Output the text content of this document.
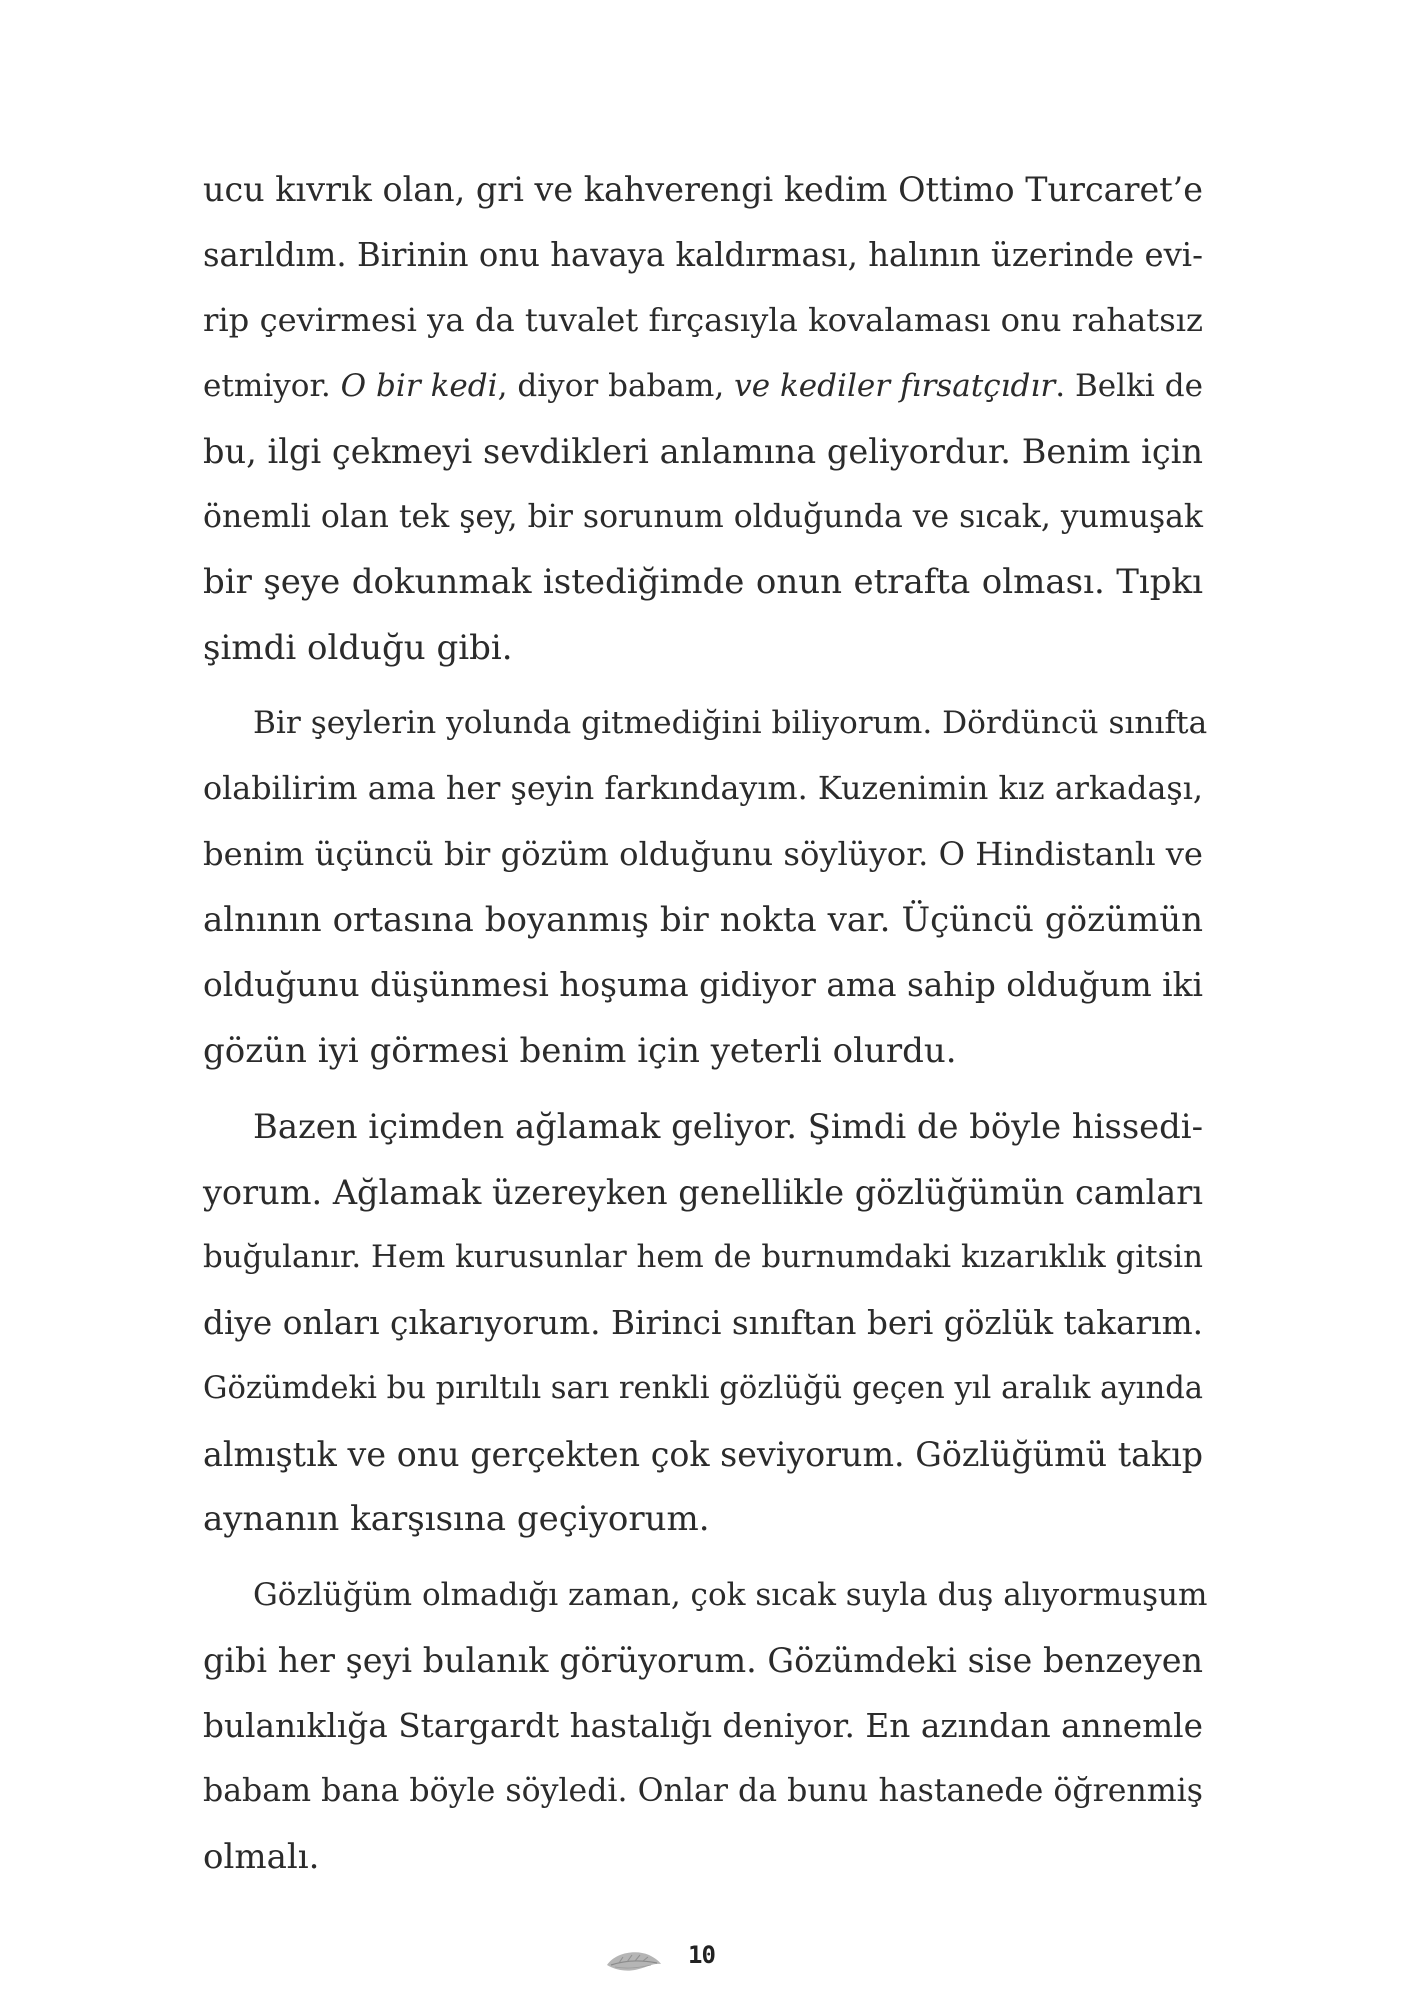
ucu kıvrık olan, gri ve kahverengi kedim Ottimo Turcaret’e
sarıldım. Birinin onu havaya kaldırması, halının üzerinde evi-
rip çevirmesi ya da tuvalet fırçasıyla kovalaması onu rahatsız
etmiyor. O bir kedi, diyor babam, ve kediler fırsatçıdır. Belki de
bu, ilgi çekmeyi sevdikleri anlamına geliyordur. Benim için
önemli olan tek şey, bir sorunum olduğunda ve sıcak, yumuşak
bir şeye dokunmak istediğimde onun etrafta olması. Tıpkı
şimdi olduğu gibi.
Bir şeylerin yolunda gitmediğini biliyorum. Dördüncü sınıfta
olabilirim ama her şeyin farkındayım. Kuzenimin kız arkadaşı,
benim üçüncü bir gözüm olduğunu söylüyor. O Hindistanlı ve
alnının ortasına boyanmış bir nokta var. Üçüncü gözümün
olduğunu düşünmesi hoşuma gidiyor ama sahip olduğum iki
gözün iyi görmesi benim için yeterli olurdu.
Bazen içimden ağlamak geliyor. Şimdi de böyle hissedi-
yorum. Ağlamak üzereyken genellikle gözlüğümün camları
buğulanır. Hem kurusunlar hem de burnumdaki kızarıklık gitsin
diye onları çıkarıyorum. Birinci sınıftan beri gözlük takarım.
Gözümdeki bu pırıltılı sarı renkli gözlüğü geçen yıl aralık ayında
almıştık ve onu gerçekten çok seviyorum. Gözlüğümü takıp
aynanın karşısına geçiyorum.
Gözlüğüm olmadığı zaman, çok sıcak suyla duş alıyormuşum
gibi her şeyi bulanık görüyorum. Gözümdeki sise benzeyen
bulanıklığa Stargardt hastalığı deniyor. En azından annemle
babam bana böyle söyledi. Onlar da bunu hastanede öğrenmiş
olmalı.
10
